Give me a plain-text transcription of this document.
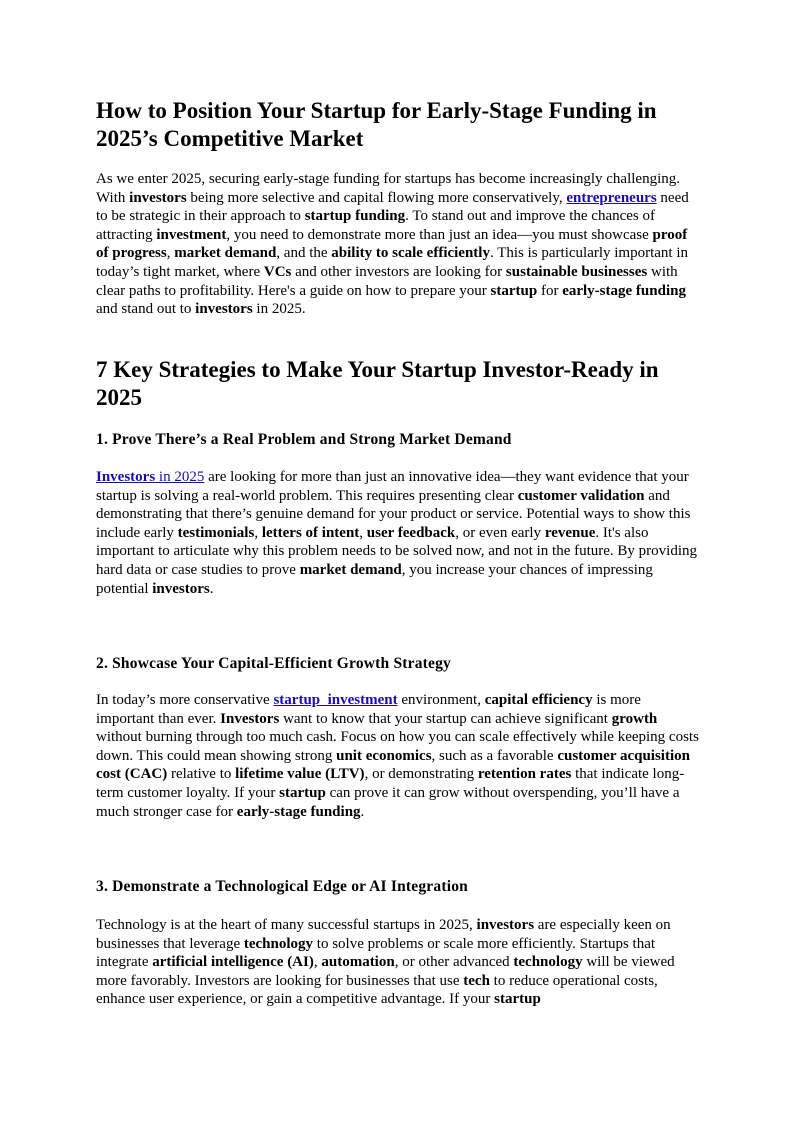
How to Position Your Startup for Early-Stage Funding in 2025’s Competitive Market

As we enter 2025, securing early-stage funding for startups has become increasingly challenging. With investors being more selective and capital flowing more conservatively, entrepreneurs need to be strategic in their approach to startup funding. To stand out and improve the chances of attracting investment, you need to demonstrate more than just an idea—you must showcase proof of progress, market demand, and the ability to scale efficiently. This is particularly important in today’s tight market, where VCs and other investors are looking for sustainable businesses with clear paths to profitability. Here's a guide on how to prepare your startup for early-stage funding and stand out to investors in 2025.

7 Key Strategies to Make Your Startup Investor-Ready in 2025
1. Prove There’s a Real Problem and Strong Market Demand

Investors in 2025 are looking for more than just an innovative idea—they want evidence that your startup is solving a real-world problem. This requires presenting clear customer validation and demonstrating that there’s genuine demand for your product or service. Potential ways to show this include early testimonials, letters of intent, user feedback, or even early revenue. It's also important to articulate why this problem needs to be solved now, and not in the future. By providing hard data or case studies to prove market demand, you increase your chances of impressing potential investors.

2. Showcase Your Capital-Efficient Growth Strategy

In today’s more conservative startup  investment environment, capital efficiency is more important than ever. Investors want to know that your startup can achieve significant growth without burning through too much cash. Focus on how you can scale effectively while keeping costs down. This could mean showing strong unit economics, such as a favorable customer acquisition cost (CAC) relative to lifetime value (LTV), or demonstrating retention rates that indicate long-term customer loyalty. If your startup can prove it can grow without overspending, you’ll have a much stronger case for early-stage funding.

3. Demonstrate a Technological Edge or AI Integration

Technology is at the heart of many successful startups in 2025, investors are especially keen on businesses that leverage technology to solve problems or scale more efficiently. Startups that integrate artificial intelligence (AI), automation, or other advanced technology will be viewed more favorably. Investors are looking for businesses that use tech to reduce operational costs, enhance user experience, or gain a competitive advantage. If your startup
